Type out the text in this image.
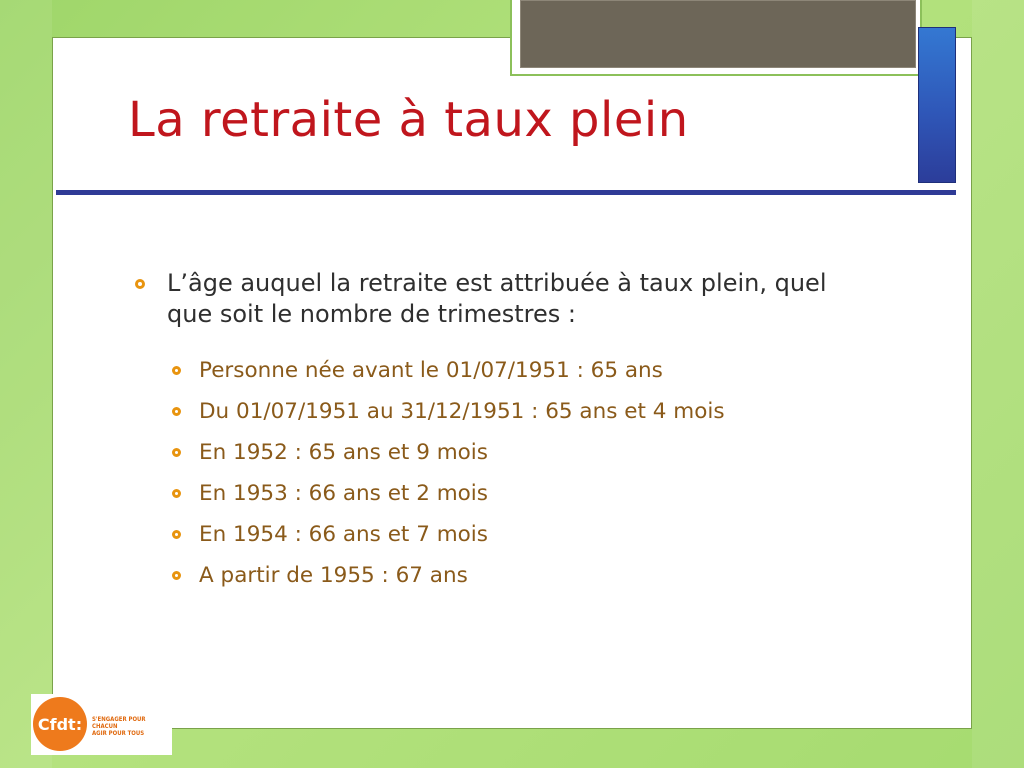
La retraite à taux plein
L’âge auquel la retraite est attribuée à taux plein, quel que soit le nombre de trimestres :
Personne née avant le 01/07/1951 : 65 ans
Du 01/07/1951 au 31/12/1951 : 65 ans et 4 mois
En 1952 : 65 ans et 9 mois
En 1953 : 66 ans et 2 mois
En 1954 : 66 ans et 7 mois
A partir de 1955 : 67 ans
Cfdt:	S'ENGAGER POUR CHACUN
AGIR POUR TOUS
